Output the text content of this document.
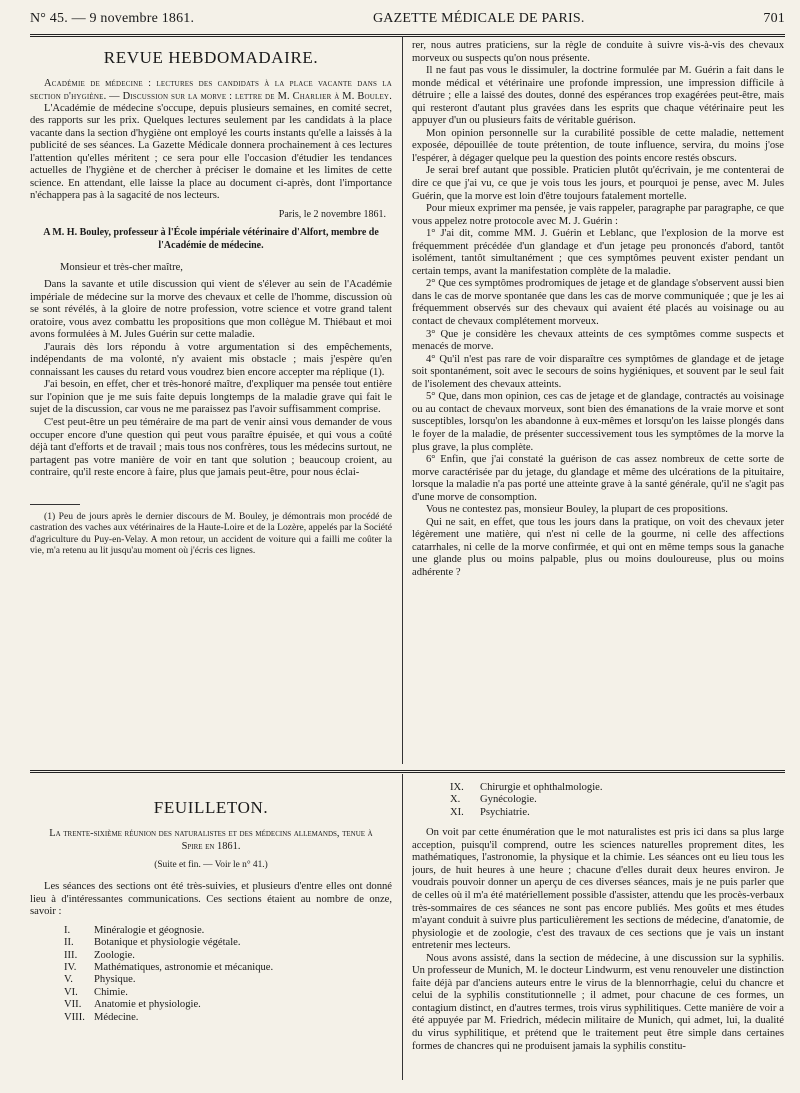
N° 45. — 9 novembre 1861.	GAZETTE MÉDICALE DE PARIS.	701
REVUE HEBDOMADAIRE.

Académie de médecine : lectures des candidats à la place vacante dans la section d'hygiène. — Discussion sur la morve : lettre de M. Charlier à M. Bouley.

L'Académie de médecine s'occupe, depuis plusieurs semaines, en comité secret, des rapports sur les prix. Quelques lectures seulement par les candidats à la place vacante dans la section d'hygiène ont employé les courts instants qu'elle a laissés à la publicité de ses séances. La Gazette Médicale donnera prochainement à ces lectures l'attention qu'elles méritent ; ce sera pour elle l'occasion d'étudier les tendances actuelles de l'hygiène et de chercher à préciser le domaine et les limites de cette science. En attendant, elle laisse la place au document ci-après, dont l'importance n'échappera pas à la sagacité de nos lecteurs.

Paris, le 2 novembre 1861.
A M. H. Bouley, professeur à l'École impériale vétérinaire d'Alfort, membre de l'Académie de médecine.

Monsieur et très-cher maître,

Dans la savante et utile discussion qui vient de s'élever au sein de l'Académie impériale de médecine sur la morve des chevaux et celle de l'homme, discussion où se sont révélés, à la gloire de notre profession, votre science et votre grand talent oratoire, vous avez combattu les propositions que mon collègue M. Thiébaut et moi avons formulées à M. Jules Guérin sur cette maladie.

J'aurais dès lors répondu à votre argumentation si des empêchements, indépendants de ma volonté, n'y avaient mis obstacle ; mais j'espère qu'en connaissant les causes du retard vous voudrez bien encore accepter ma réplique (1).

J'ai besoin, en effet, cher et très-honoré maître, d'expliquer ma pensée tout entière sur l'opinion que je me suis faite depuis longtemps de la maladie grave qui fait le sujet de la discussion, car vous ne me paraissez pas l'avoir suffisamment comprise.

C'est peut-être un peu téméraire de ma part de venir ainsi vous demander de vous occuper encore d'une question qui peut vous paraître épuisée, et qui vous a coûté déjà tant d'efforts et de travail ; mais tous nos confrères, tous les médecins surtout, ne partagent pas votre manière de voir en tant que solution ; beaucoup croient, au contraire, qu'il reste encore à faire, plus que jamais peut-être, pour nous éclai-

(1) Peu de jours après le dernier discours de M. Bouley, je démontrais mon procédé de castration des vaches aux vétérinaires de la Haute-Loire et de la Lozère, appelés par la Société d'agriculture du Puy-en-Velay. A mon retour, un accident de voiture qui a failli me coûter la vie, m'a retenu au lit jusqu'au moment où j'écris ces lignes.

rer, nous autres praticiens, sur la règle de conduite à suivre vis-à-vis des chevaux morveux ou suspects qu'on nous présente.

Il ne faut pas vous le dissimuler, la doctrine formulée par M. Guérin a fait dans le monde médical et vétérinaire une profonde impression, une impression difficile à détruire ; elle a laissé des doutes, donné des espérances trop exagérées peut-être, mais qui resteront d'autant plus gravées dans les esprits que chaque vétérinaire peut les appuyer d'un ou plusieurs faits de véritable guérison.

Mon opinion personnelle sur la curabilité possible de cette maladie, nettement exposée, dépouillée de toute prétention, de toute influence, servira, du moins j'ose l'espérer, à dégager quelque peu la question des points encore restés obscurs.

Je serai bref autant que possible. Praticien plutôt qu'écrivain, je me contenterai de dire ce que j'ai vu, ce que je vois tous les jours, et pourquoi je pense, avec M. Jules Guérin, que la morve est loin d'être toujours fatalement mortelle.

Pour mieux exprimer ma pensée, je vais rappeler, paragraphe par paragraphe, ce que vous appelez notre protocole avec M. J. Guérin :

1° J'ai dit, comme MM. J. Guérin et Leblanc, que l'explosion de la morve est fréquemment précédée d'un glandage et d'un jetage peu prononcés d'abord, tantôt isolément, tantôt simultanément ; que ces symptômes peuvent exister pendant un certain temps, avant la manifestation complète de la maladie.

2° Que ces symptômes prodromiques de jetage et de glandage s'observent aussi bien dans le cas de morve spontanée que dans les cas de morve communiquée ; que je les ai fréquemment observés sur des chevaux qui avaient été placés au voisinage ou au contact de chevaux complétement morveux.

3° Que je considère les chevaux atteints de ces symptômes comme suspects et menacés de morve.

4° Qu'il n'est pas rare de voir disparaître ces symptômes de glandage et de jetage soit spontanément, soit avec le secours de soins hygiéniques, et souvent par le seul fait de l'isolement des chevaux atteints.

5° Que, dans mon opinion, ces cas de jetage et de glandage, contractés au voisinage ou au contact de chevaux morveux, sont bien des émanations de la vraie morve et sont susceptibles, lorsqu'on les abandonne à eux-mêmes et lorsqu'on les laisse plongés dans le foyer de la maladie, de présenter successivement tous les symptômes de la morve la plus grave, la plus complète.

6° Enfin, que j'ai constaté la guérison de cas assez nombreux de cette sorte de morve caractérisée par du jetage, du glandage et même des ulcérations de la pituitaire, lorsque la maladie n'a pas porté une atteinte grave à la santé générale, qu'il ne s'agit pas d'une morve de consomption.

Vous ne contestez pas, monsieur Bouley, la plupart de ces propositions.

Qui ne sait, en effet, que tous les jours dans la pratique, on voit des chevaux jeter légèrement une matière, qui n'est ni celle de la gourme, ni celle des affections catarrhales, ni celle de la morve confirmée, et qui ont en même temps sous la ganache une glande plus ou moins palpable, plus ou moins douloureuse, plus ou moins adhérente ?

FEUILLETON.
La trente-sixième réunion des naturalistes et des médecins allemands, tenue à Spire en 1861.
(Suite et fin. — Voir le n° 41.)

Les séances des sections ont été très-suivies, et plusieurs d'entre elles ont donné lieu à d'intéressantes communications. Ces sections étaient au nombre de onze, savoir :

I.	Minéralogie et géognosie.
II.	Botanique et physiologie végétale.
III.	Zoologie.
IV.	Mathématiques, astronomie et mécanique.
V.	Physique.
VI.	Chimie.
VII.	Anatomie et physiologie.
VIII. Médecine.
IX.	Chirurgie et ophthalmologie.
X.	Gynécologie.
XI.	Psychiatrie.

On voit par cette énumération que le mot naturalistes est pris ici dans sa plus large acception, puisqu'il comprend, outre les sciences naturelles proprement dites, les mathématiques, l'astronomie, la physique et la chimie. Les séances ont eu lieu tous les jours, de huit heures à une heure ; chacune d'elles durait deux heures environ. Je voudrais pouvoir donner un aperçu de ces diverses séances, mais je ne puis parler que de celles où il m'a été matériellement possible d'assister, attendu que les procès-verbaux très-sommaires de ces séances ne sont pas encore publiés. Mes goûts et mes études m'ayant conduit à suivre plus particulièrement les sections de médecine, d'anatomie, de physiologie et de zoologie, c'est des travaux de ces sections que je vais un instant entretenir mes lecteurs.

Nous avons assisté, dans la section de médecine, à une discussion sur la syphilis. Un professeur de Munich, M. le docteur Lindwurm, est venu renouveler une distinction faite déjà par d'anciens auteurs entre le virus de la blennorrhagie, celui du chancre et celui de la syphilis constitutionnelle ; il admet, pour chacune de ces formes, un contagium distinct, en d'autres termes, trois virus syphilitiques. Cette manière de voir a été appuyée par M. Friedrich, médecin militaire de Munich, qui admet, lui, la dualité du virus syphilitique, et prétend que le traitement peut être simple dans certaines formes de chancres qui ne produisent jamais la syphilis constitu-
